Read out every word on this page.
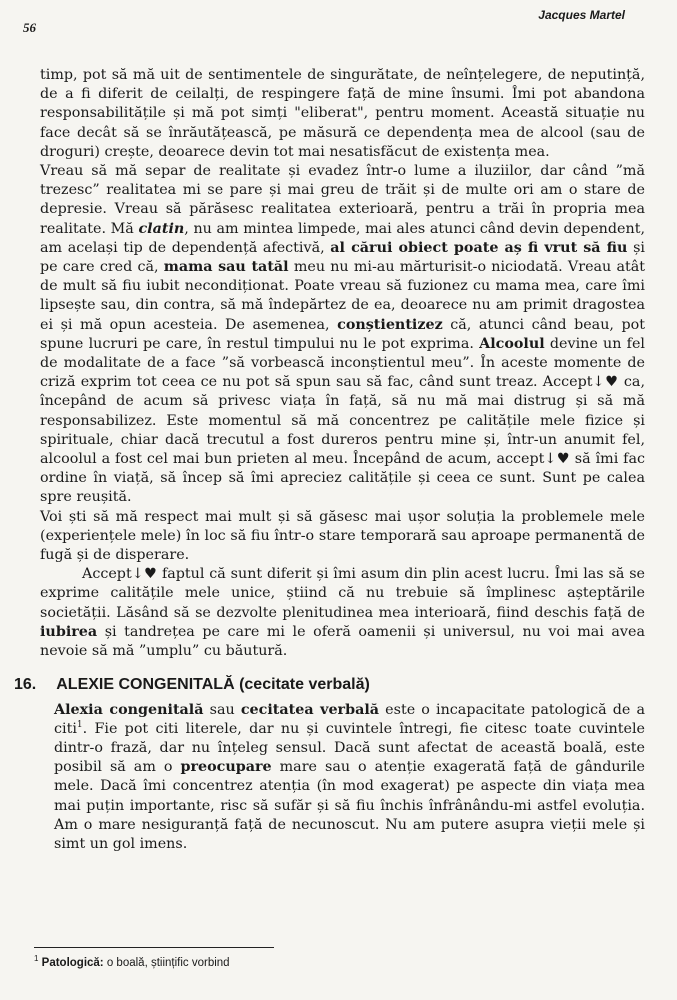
56
Jacques Martel

timp, pot să mă uit de sentimentele de singurătate, de neînțelegere, de neputință, de a fi diferit de ceilalți, de respingere față de mine însumi. Îmi pot abandona responsabilitățile și mă pot simți "eliberat", pentru moment. Această situație nu face decât să se înrăutățească, pe măsură ce dependența mea de alcool (sau de droguri) crește, deoarece devin tot mai nesatisfăcut de existența mea.

Vreau să mă separ de realitate și evadez într-o lume a iluziilor, dar când ”mă trezesc” realitatea mi se pare și mai greu de trăit și de multe ori am o stare de depresie. Vreau să părăsesc realitatea exterioară, pentru a trăi în propria mea realitate. Mă clatin, nu am mintea limpede, mai ales atunci când devin dependent, am același tip de dependență afectivă, al cărui obiect poate aș fi vrut să fiu și pe care cred că, mama sau tatăl meu nu mi-au mărturisit-o niciodată. Vreau atât de mult să fiu iubit necondiționat. Poate vreau să fuzionez cu mama mea, care îmi lipsește sau, din contra, să mă îndepărtez de ea, deoarece nu am primit dragostea ei și mă opun acesteia. De asemenea, conștientizez că, atunci când beau, pot spune lucruri pe care, în restul timpului nu le pot exprima. Alcoolul devine un fel de modalitate de a face ”să vorbească inconștientul meu”. În aceste momente de criză exprim tot ceea ce nu pot să spun sau să fac, când sunt treaz. Accept↓♥ ca, începând de acum să privesc viața în față, să nu mă mai distrug și să mă responsabilizez. Este momentul să mă concentrez pe calitățile mele fizice și spirituale, chiar dacă trecutul a fost dureros pentru mine și, într-un anumit fel, alcoolul a fost cel mai bun prieten al meu. Începând de acum, accept↓♥ să îmi fac ordine în viață, să încep să îmi apreciez calitățile și ceea ce sunt. Sunt pe calea spre reușită.

Voi ști să mă respect mai mult și să găsesc mai ușor soluția la problemele mele (experiențele mele) în loc să fiu într-o stare temporară sau aproape permanentă de fugă și de disperare.

Accept↓♥ faptul că sunt diferit și îmi asum din plin acest lucru. Îmi las să se exprime calitățile mele unice, știind că nu trebuie să împlinesc așteptările societății. Lăsând să se dezvolte plenitudinea mea interioară, fiind deschis față de iubirea și tandrețea pe care mi le oferă oamenii și universul, nu voi mai avea nevoie să mă ”umplu” cu băutură.

16. ALEXIE CONGENITALĂ (cecitate verbală)

Alexia congenitală sau cecitatea verbală este o incapacitate patologică de a citi$^1$. Fie pot citi literele, dar nu și cuvintele întregi, fie citesc toate cuvintele dintr-o frază, dar nu înțeleg sensul. Dacă sunt afectat de această boală, este posibil să am o preocupare mare sau o atenție exagerată față de gândurile mele. Dacă îmi concentrez atenția (în mod exagerat) pe aspecte din viața mea mai puțin importante, risc să sufăr și să fiu închis înfrânându-mi astfel evoluția. Am o mare nesiguranță față de necunoscut. Nu am putere asupra vieții mele și simt un gol imens.

$^1$ Patologică: o boală, științific vorbind
